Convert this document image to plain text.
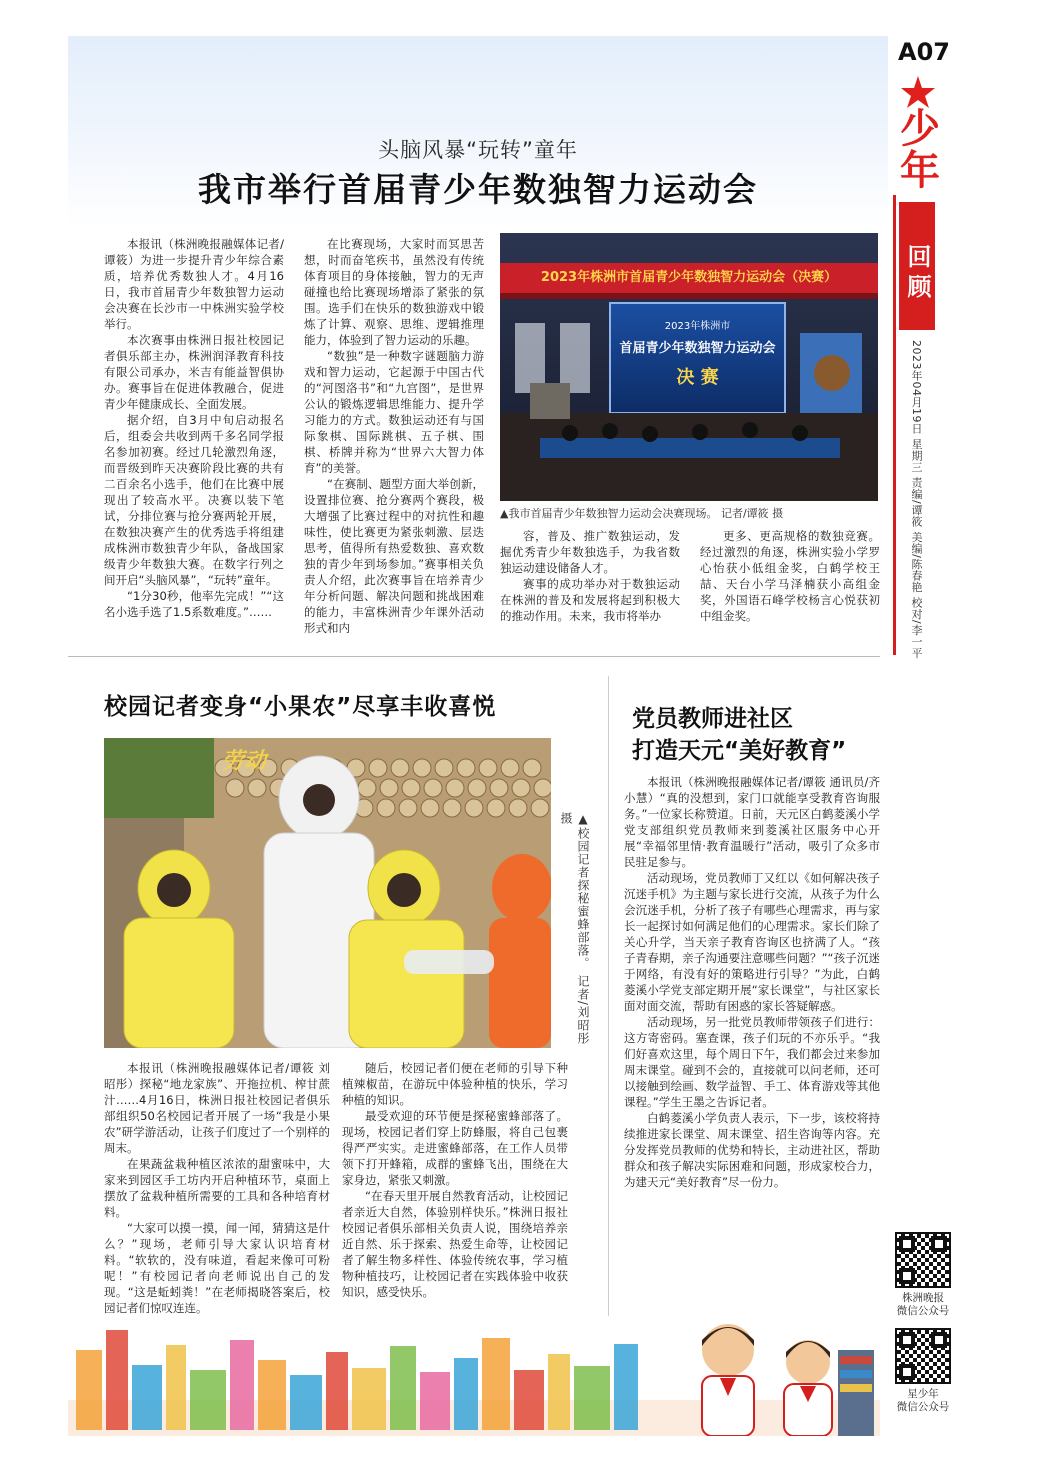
头脑风暴“玩转”童年
我市举行首届青少年数独智力运动会
A07
少
年
回顾
2023年04月19日 星期三 责编/谭筱 美编/陈春艳 校对/李一平

本报讯（株洲晚报融媒体记者/谭筱）为进一步提升青少年综合素质，培养优秀数独人才。4月16日，我市首届青少年数独智力运动会决赛在长沙市一中株洲实验学校举行。

本次赛事由株洲日报社校园记者俱乐部主办，株洲润泽教育科技有限公司承办，米吉有能益智俱协办。赛事旨在促进体教融合，促进青少年健康成长、全面发展。

据介绍，自3月中旬启动报名后，组委会共收到两千多名同学报名参加初赛。经过几轮激烈角逐，而晋级到昨天决赛阶段比赛的共有二百余名小选手，他们在比赛中展现出了较高水平。决赛以装下笔试，分排位赛与抢分赛两轮开展，在数独决赛产生的优秀选手将组建成株洲市数独青少年队，备战国家级青少年数独大赛。在数字行列之间开启“头脑风暴”，“玩转”童年。

“1分30秒，他率先完成！”“这名小选手选了1.5系数难度。”……

在比赛现场，大家时而冥思苦想，时而奋笔疾书，虽然没有传统体育项目的身体接触，智力的无声碰撞也给比赛现场增添了紧张的氛围。选手们在快乐的数独游戏中锻炼了计算、观察、思维、逻辑推理能力，体验到了智力运动的乐趣。

“数独”是一种数字谜题脑力游戏和智力运动，它起源于中国古代的“河图洛书”和“九宫图”，是世界公认的锻炼逻辑思维能力、提升学习能力的方式。数独运动还有与国际象棋、国际跳棋、五子棋、围棋、桥牌并称为“世界六大智力体育”的美誉。

“在赛制、题型方面大举创新，设置排位赛、抢分赛两个赛段，极大增强了比赛过程中的对抗性和趣味性，使比赛更为紧张刺激、层迭思考，值得所有热爱数独、喜欢数独的青少年到场参加。”赛事相关负责人介绍，此次赛事旨在培养青少年分析问题、解决问题和挑战困难的能力，丰富株洲青少年课外活动形式和内

2023年株洲市首届青少年数独智力运动会（决赛）
2023年株洲市
首届青少年数独智力运动会
决 赛
▲我市首届青少年数独智力运动会决赛现场。 记者/谭筱 摄

容，普及、推广数独运动，发掘优秀青少年数独选手，为我省数独运动建设储备人才。

赛事的成功举办对于数独运动在株洲的普及和发展将起到积极大的推动作用。未来，我市将举办

更多、更高规格的数独竞赛。经过激烈的角逐，株洲实验小学罗心怡获小低组金奖，白鹤学校王喆、天台小学马泽楠获小高组金奖，外国语石峰学校杨言心悦获初中组金奖。

校园记者变身“小果农”尽享丰收喜悦
劳动
▲校园记者探秘蜜蜂部落。 记者/刘昭彤 摄

本报讯（株洲晚报融媒体记者/谭筱 刘昭彤）探秘“地龙家族”、开拖拉机、榨甘蔗汁……4月16日，株洲日报社校园记者俱乐部组织50名校园记者开展了一场“我是小果农”研学游活动，让孩子们度过了一个别样的周末。

在果蔬盆栽种植区浓浓的甜蜜味中，大家来到园区手工坊内开启种植环节，桌面上摆放了盆栽种植所需要的工具和各种培育材料。

“大家可以摸一摸，闻一闻，猜猜这是什么？”现场，老师引导大家认识培育材料。“软软的，没有味道，看起来像可可粉呢！”有校园记者向老师说出自己的发现。“这是蚯蚓粪！”在老师揭晓答案后，校园记者们惊叹连连。

随后，校园记者们便在老师的引导下种植辣椒苗，在游玩中体验种植的快乐，学习种植的知识。

最受欢迎的环节便是探秘蜜蜂部落了。现场，校园记者们穿上防蜂服，将自己包裹得严严实实。走进蜜蜂部落，在工作人员带领下打开蜂箱，成群的蜜蜂飞出，围绕在大家身边，紧张又刺激。

“在春天里开展自然教育活动，让校园记者亲近大自然，体验别样快乐。”株洲日报社校园记者俱乐部相关负责人说，围绕培养亲近自然、乐于探索、热爱生命等，让校园记者了解生物多样性、体验传统农事，学习植物种植技巧，让校园记者在实践体验中收获知识，感受快乐。

党员教师进社区
打造天元“美好教育”

本报讯（株洲晚报融媒体记者/谭筱 通讯员/齐小慧）“真的没想到，家门口就能享受教育咨询服务。”一位家长称赞道。日前，天元区白鹤菱溪小学党支部组织党员教师来到菱溪社区服务中心开展“幸福邻里情·教育温暖行”活动，吸引了众多市民驻足参与。

活动现场，党员教师丁又红以《如何解决孩子沉迷手机》为主题与家长进行交流，从孩子为什么会沉迷手机，分析了孩子有哪些心理需求，再与家长一起探讨如何满足他们的心理需求。家长们除了关心升学，当天亲子教育咨询区也挤满了人。“孩子青春期，亲子沟通要注意哪些问题？”“孩子沉迷于网络，有没有好的策略进行引导？”为此，白鹤菱溪小学党支部定期开展“家长课堂”，与社区家长面对面交流，帮助有困惑的家长答疑解惑。

活动现场，另一批党员教师带领孩子们进行：这方寄密码。塞查课，孩子们玩的不亦乐乎。“我们好喜欢这里，每个周日下午，我们都会过来参加周末课堂。碰到不会的，直接就可以问老师，还可以接触到绘画、数学益智、手工、体育游戏等其他课程。”学生王墨之告诉记者。

白鹤菱溪小学负责人表示，下一步，该校将持续推进家长课堂、周末课堂、招生咨询等内容。充分发挥党员教师的优势和特长，主动进社区，帮助群众和孩子解决实际困难和问题，形成家校合力，为建天元“美好教育”尽一份力。

株洲晚报
微信公众号
星少年
微信公众号
